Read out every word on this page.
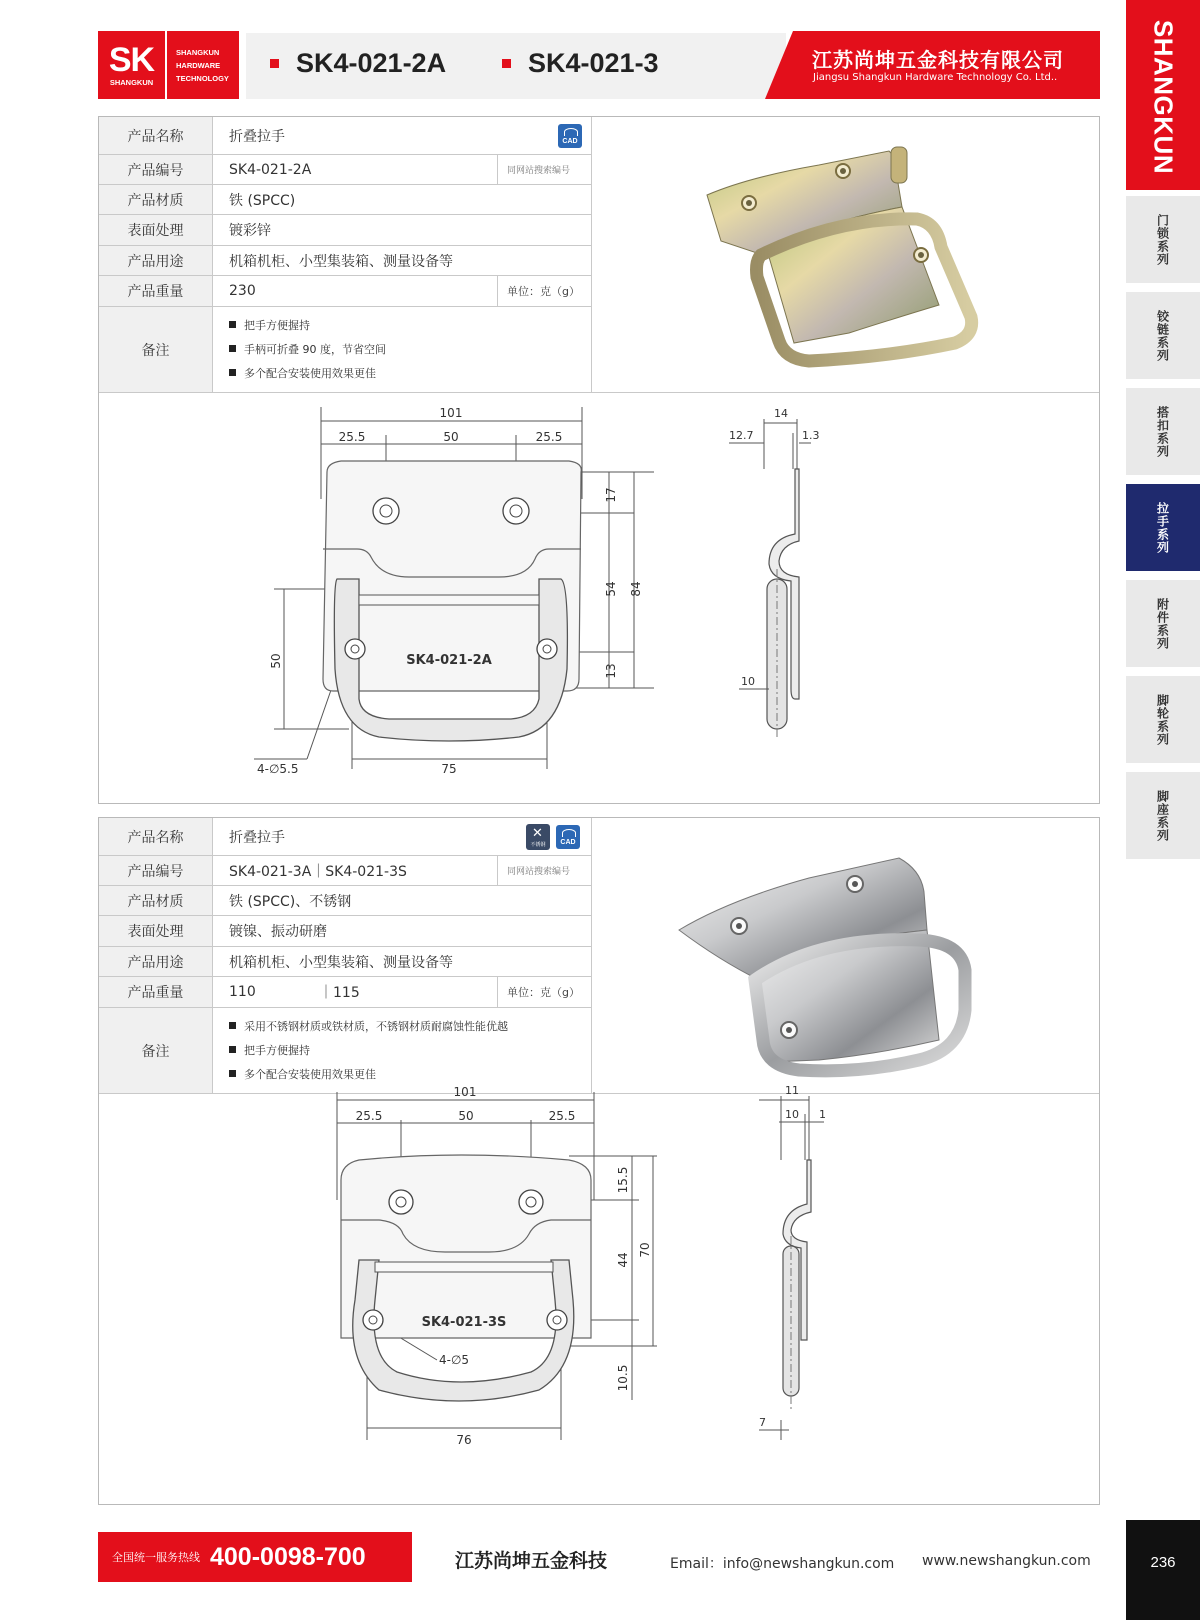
SK
SHANGKUN
SHANGKUN
HARDWARE
TECHNOLOGY	SK4-021-2A	SK4-021-3	江苏尚坤五金科技有限公司
Jiangsu Shangkun Hardware Technology Co. Ltd..	SHANGKUN
门锁系列
铰链系列
搭扣系列
拉手系列
附件系列
脚轮系列
脚座系列
产品名称	折叠拉手	CAD
产品编号	SK4-021-2A	同网站搜索编号
产品材质	铁 (SPCC)
表面处理	镀彩锌
产品用途	机箱机柜、小型集装箱、测量设备等
产品重量	230	单位：克（g）
备注
把手方便握持
手柄可折叠 90 度，节省空间
多个配合安装使用效果更佳
SK4-021-2A
101
25.5	50	25.5
17
54 84
13
50
75
4-∅5.5
14
12.7	1.3
10
产品名称	折叠拉手
✕	不锈钢	CAD
产品编号	SK4-021-3A｜SK4-021-3S	同网站搜索编号
产品材质	铁 (SPCC)、不锈钢
表面处理	镀镍、振动研磨
产品用途	机箱机柜、小型集装箱、测量设备等
产品重量	110	｜115	单位：克（g）
备注
采用不锈钢材质或铁材质，不锈钢材质耐腐蚀性能优越
把手方便握持
多个配合安装使用效果更佳
SK4-021-3S
101
25.5	50	25.5
15.5
44
70
10.5
76
4-∅5
11
10 1
7
全国统一服务热线 400-0098-700	江苏尚坤五金科技	Email：info@newshangkun.com www.newshangkun.com	236
